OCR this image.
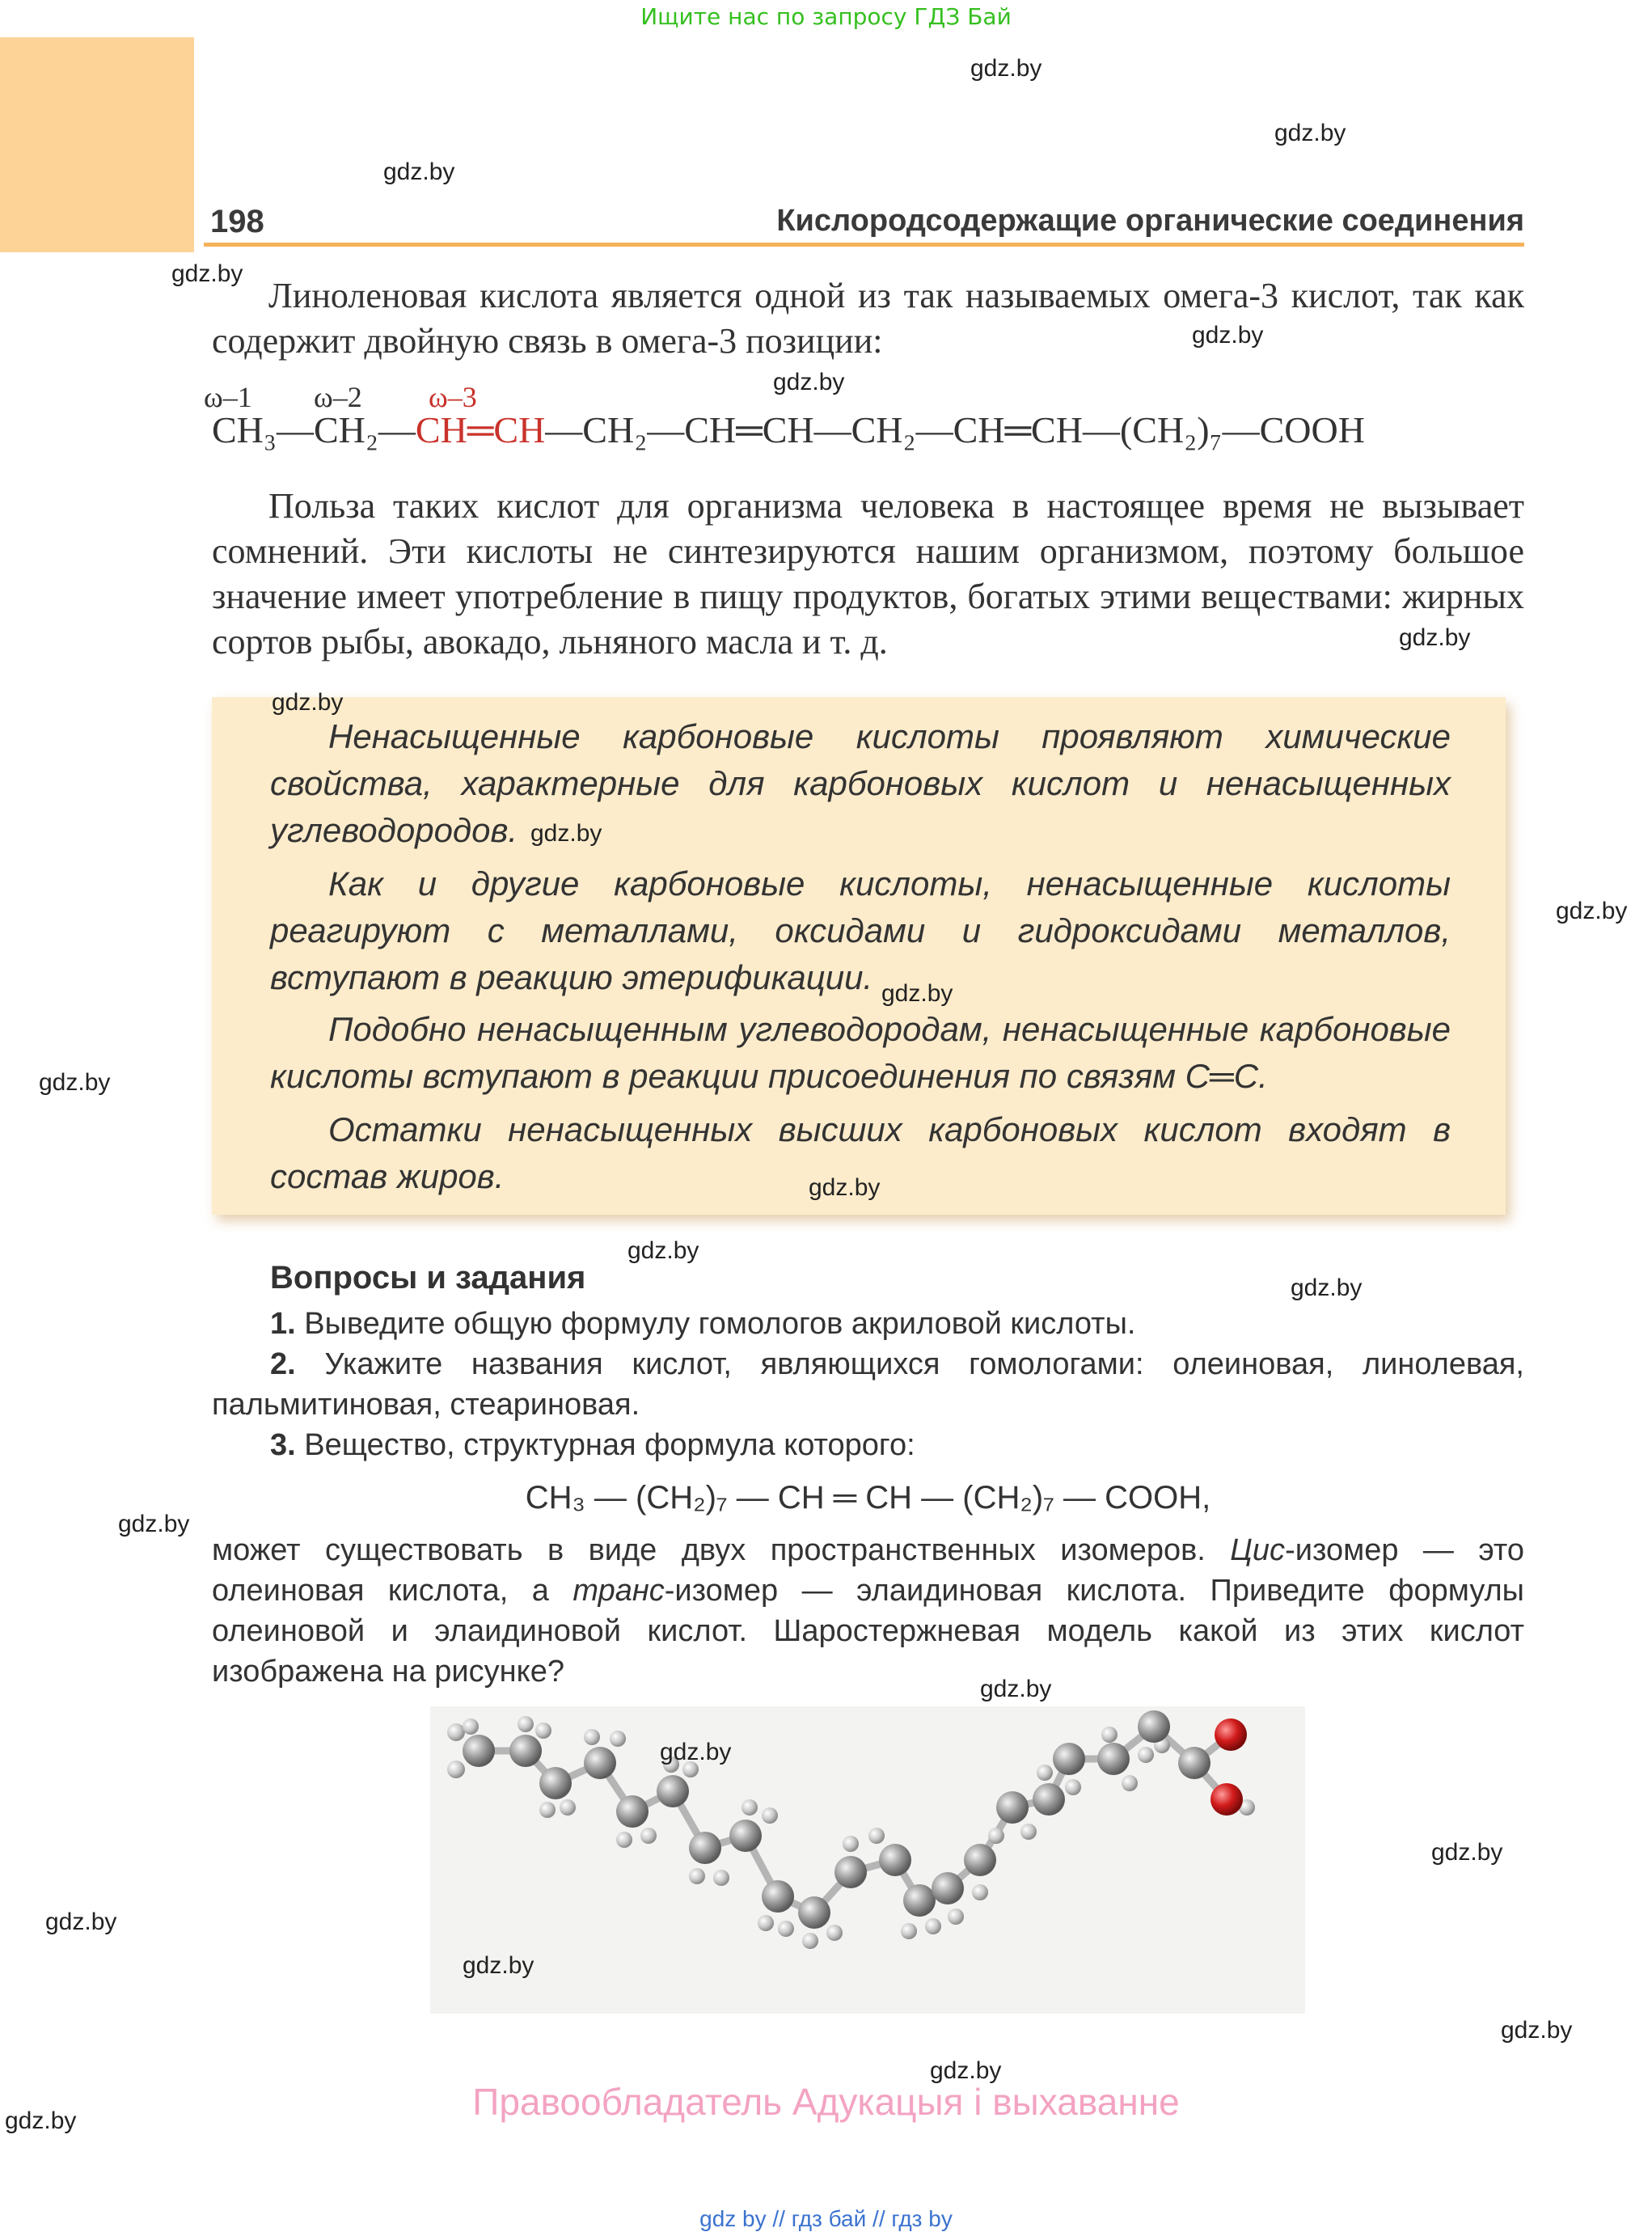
Ищите нас по запросу ГДЗ Бай
198	Кислородсодержащие органические соединения
Линоленовая кислота является одной из так называемых омега-3 кислот, так как содержит двойную связь в омега-3 позиции:
ω–1 ω–2 ω–3
CH₃—CH₂—CH═CH—CH₂—CH═CH—CH₂—CH═CH—(CH₂)₇—COOH
Польза таких кислот для организма человека в настоящее время не вызывает сомнений. Эти кислоты не синтезируются нашим организмом, поэтому большое значение имеет употребление в пищу продуктов, богатых этими веществами: жирных сортов рыбы, авокадо, льняного масла и т. д.

Ненасыщенные карбоновые кислоты проявляют химические свойства, характерные для карбоновых кислот и ненасыщенных углеводородов.

Как и другие карбоновые кислоты, ненасыщенные кислоты реагируют с металлами, оксидами и гидроксидами металлов, вступают в реакцию этерификации.

Подобно ненасыщенным углеводородам, ненасыщенные карбоновые кислоты вступают в реакции присоединения по связям C═C.

Остатки ненасыщенных высших карбоновых кислот входят в состав жиров.

Вопросы и задания
1. Выведите общую формулу гомологов акриловой кислоты.
2. Укажите названия кислот, являющихся гомологами: олеиновая, линолевая, пальмитиновая, стеариновая.
3. Вещество, структурная формула которого:
CH₃ — (CH₂)₇ — CH ═ CH — (CH₂)₇ — COOH,
может существовать в виде двух пространственных изомеров. Цис-изомер — это олеиновая кислота, а транс-изомер — элаидиновая кислота. Приведите формулы олеиновой и элаидиновой кислот. Шаростержневая модель какой из этих кислот изображена на рисунке?
gdz.by
gdz.by
gdz.by
gdz.by
gdz.by
gdz.by
gdz.by
gdz.by
gdz.by
gdz.by
gdz.by
gdz.by
gdz.by
gdz.by
gdz.by
gdz.by
gdz.by
gdz.by
gdz.by
gdz.by
gdz.by
gdz.by
gdz.by
gdz.by	Правообладатель Адукацыя і выхаванне
gdz by // гдз бай // гдз by
